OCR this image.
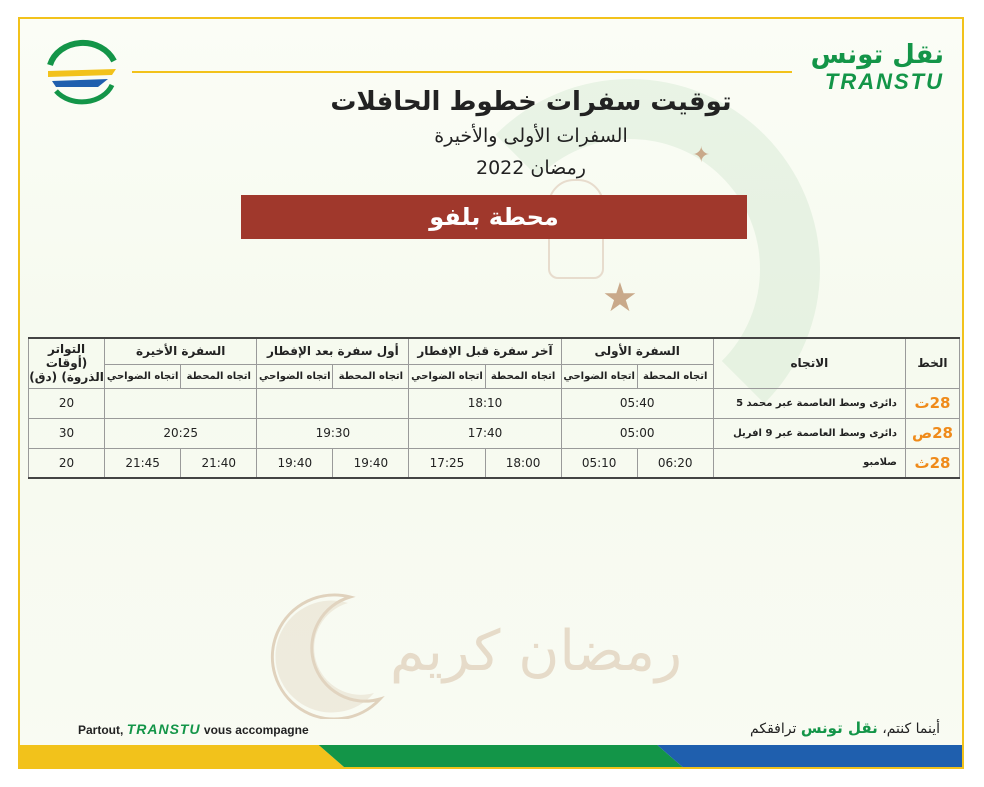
نقل تونس
TRANSTU
توقيت سفرات خطوط الحافلات
السفرات الأولى والأخيرة
رمضان 2022	✦
★
محطة بلفو
الخط	الاتجاه	السفرة الأولى		آخر سفرة قبل الإفطار		أول سفرة بعد الإفطار		السفرة الأخيرة		التواتر (أوقات الذروة) (دق)
		اتجاه المحطة	اتجاه الضواحي	اتجاه المحطة	اتجاه الضواحي	اتجاه المحطة	اتجاه الضواحي	اتجاه المحطة	اتجاه الضواحي	
28ت	دائرى وسط العاصمة عبر محمد 5	05:40		18:10						20
28ص	دائرى وسط العاصمة عبر 9 افريل	05:00		17:40		19:30		20:25		30
28ث	صلامبو	06:20	05:10	18:00	17:25	19:40	19:40	21:40	21:45	20
رمضان كريم
Partout, TRANSTU vous accompagne	أينما كنتم، نقل تونس ترافقكم
